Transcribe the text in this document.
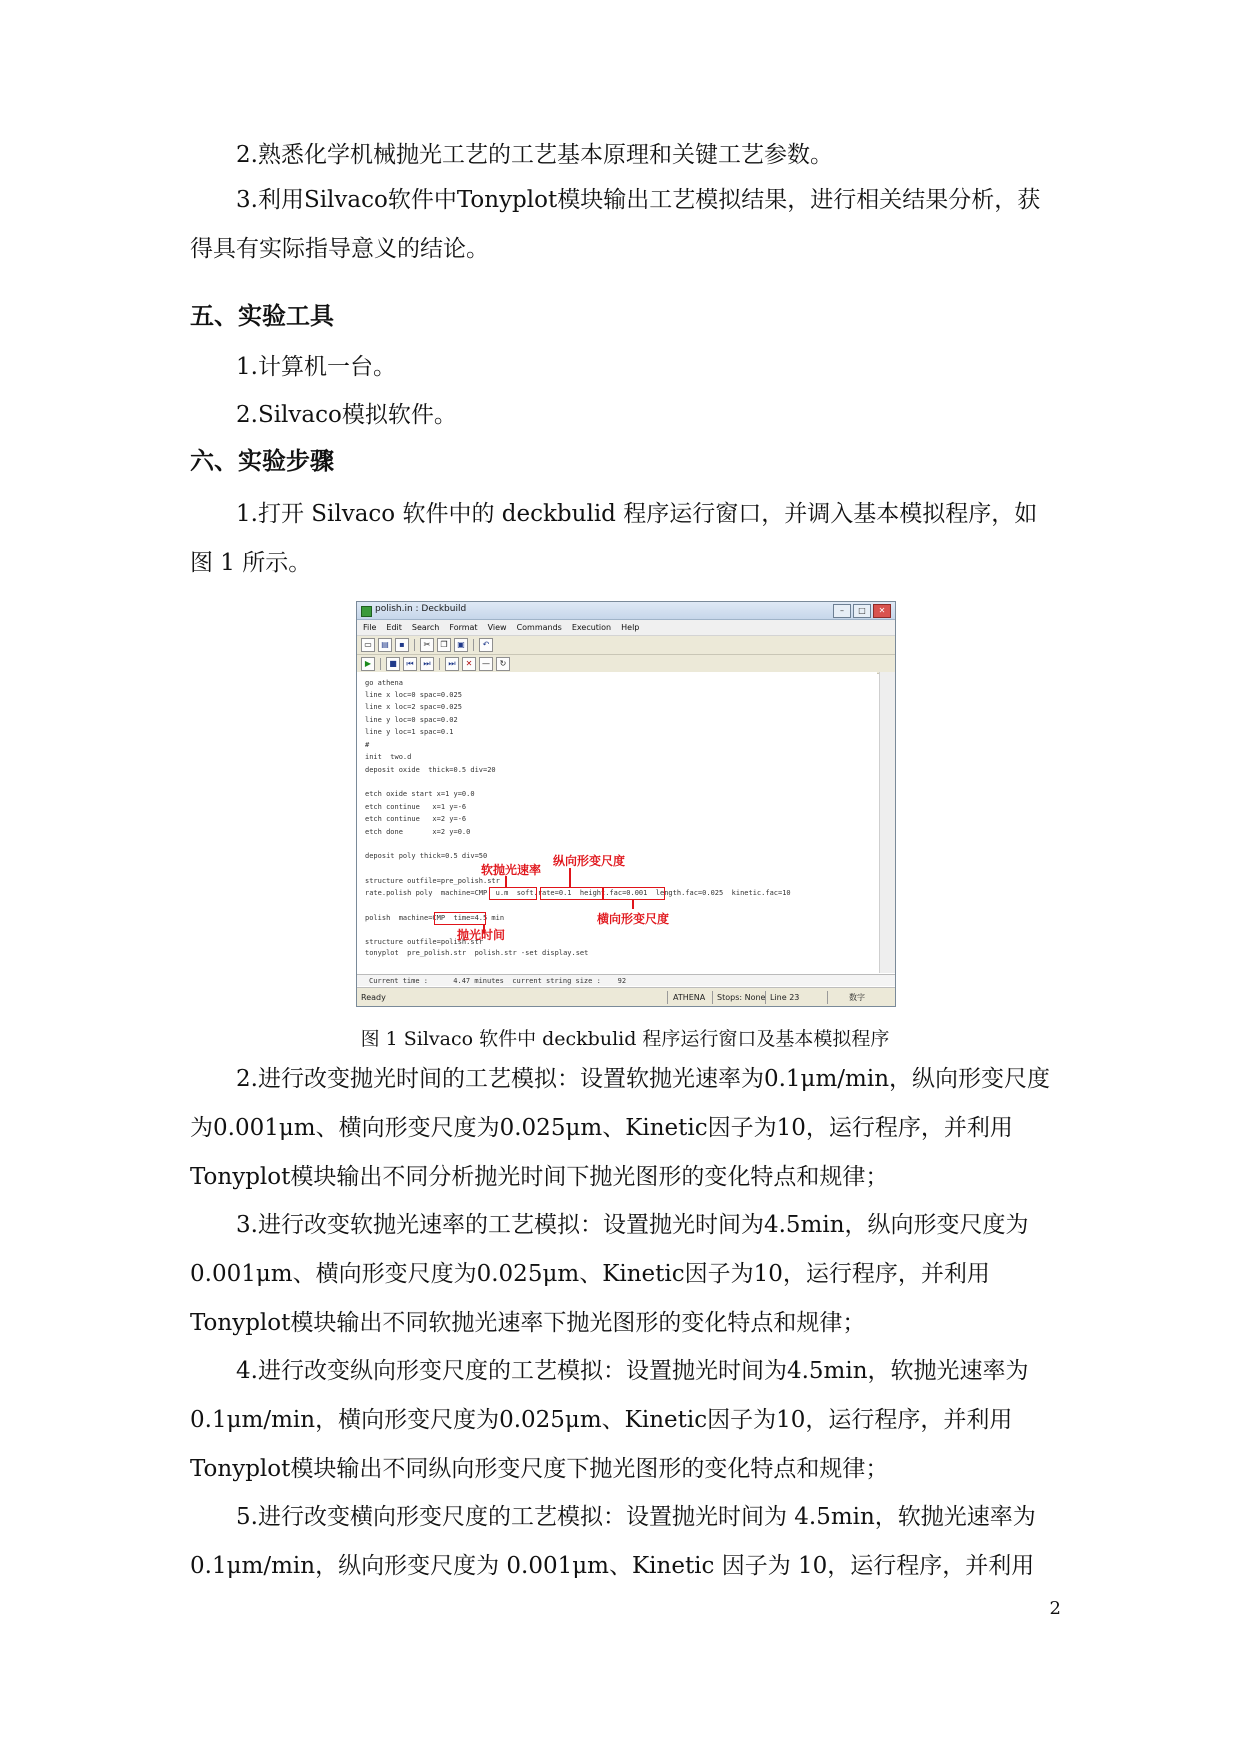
2.熟悉化学机械抛光工艺的工艺基本原理和关键工艺参数。

3.利用Silvaco软件中Tonyplot模块输出工艺模拟结果，进行相关结果分析，获得具有实际指导意义的结论。

五、实验工具

1.计算机一台。

2.Silvaco模拟软件。

六、实验步骤

1.打开 Silvaco 软件中的 deckbulid 程序运行窗口，并调入基本模拟程序，如图 1 所示。

polish.in : Deckbuild	–	□	✕
File Edit Search Format View Commands Execution Help
▭	▤	▪	✂	❐	▣	↶
▶	■	⏮	⏭	⏭	✕	—	↻
go athena
line x loc=0 spac=0.025
line x loc=2 spac=0.025
line y loc=0 spac=0.02
line y loc=1 spac=0.1
#
init  two.d
deposit oxide  thick=0.5 div=20
etch oxide start x=1 y=0.0
etch continue   x=1 y=-6
etch continue   x=2 y=-6
etch done       x=2 y=0.0
deposit poly thick=0.5 div=50
structure outfile=pre_polish.str
rate.polish poly  machine=CMP  u.m  soft.rate=0.1  height.fac=0.001  length.fac=0.025  kinetic.fac=10
polish  machine=CMP  time=4.5 min
structure outfile=polish.str
tonyplot  pre_polish.str  polish.str -set display.set
软抛光速率
纵向形变尺度
横向形变尺度
抛光时间
Current time :      4.47 minutes  current string size :    92
Ready	ATHENA Stops: None Line 23	数字

图 1 Silvaco 软件中 deckbulid 程序运行窗口及基本模拟程序

2.进行改变抛光时间的工艺模拟：设置软抛光速率为0.1μm/min，纵向形变尺度为0.001μm、横向形变尺度为0.025μm、Kinetic因子为10，运行程序，并利用Tonyplot模块输出不同分析抛光时间下抛光图形的变化特点和规律；

3.进行改变软抛光速率的工艺模拟：设置抛光时间为4.5min，纵向形变尺度为0.001μm、横向形变尺度为0.025μm、Kinetic因子为10，运行程序，并利用Tonyplot模块输出不同软抛光速率下抛光图形的变化特点和规律；

4.进行改变纵向形变尺度的工艺模拟：设置抛光时间为4.5min，软抛光速率为0.1μm/min，横向形变尺度为0.025μm、Kinetic因子为10，运行程序，并利用Tonyplot模块输出不同纵向形变尺度下抛光图形的变化特点和规律；

5.进行改变横向形变尺度的工艺模拟：设置抛光时间为 4.5min，软抛光速率为 0.1μm/min，纵向形变尺度为 0.001μm、Kinetic 因子为 10，运行程序，并利用

2
